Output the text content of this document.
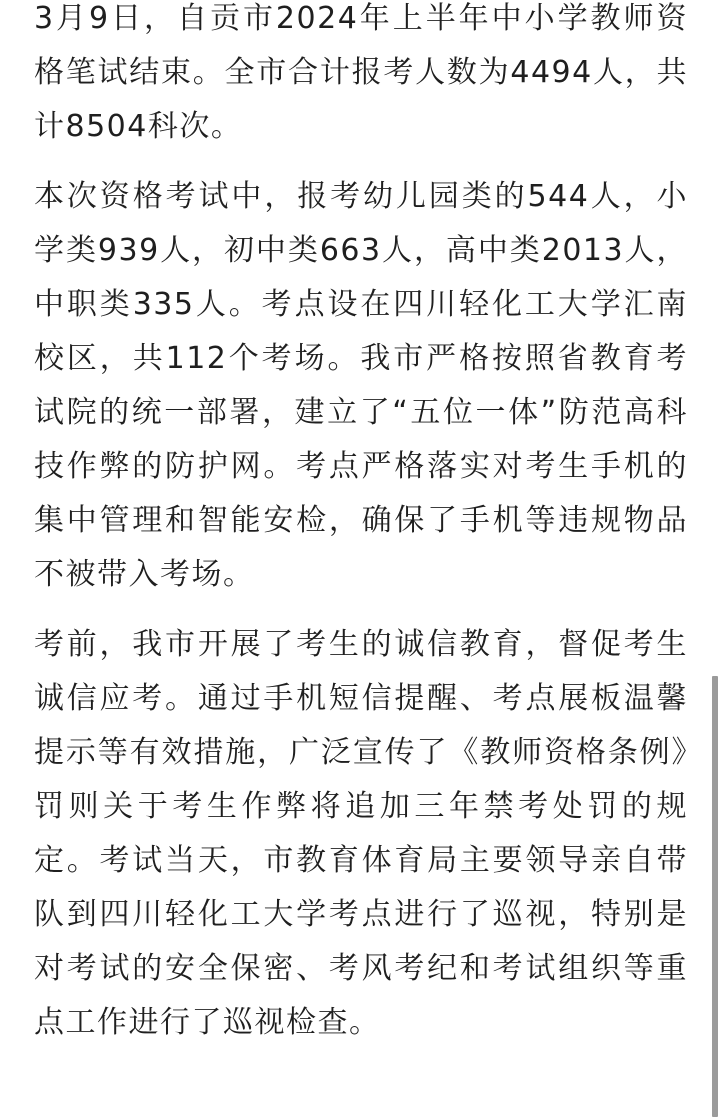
3月9日，自贡市2024年上半年中小学教师资格笔试结束。全市合计报考人数为4494人，共计8504科次。

本次资格考试中，报考幼儿园类的544人，小学类939人，初中类663人，高中类2013人，中职类335人。考点设在四川轻化工大学汇南校区，共112个考场。我市严格按照省教育考试院的统一部署，建立了“五位一体”防范高科技作弊的防护网。考点严格落实对考生手机的集中管理和智能安检，确保了手机等违规物品不被带入考场。

考前，我市开展了考生的诚信教育，督促考生诚信应考。通过手机短信提醒、考点展板温馨提示等有效措施，广泛宣传了《教师资格条例》罚则关于考生作弊将追加三年禁考处罚的规定。考试当天，市教育体育局主要领导亲自带队到四川轻化工大学考点进行了巡视，特别是对考试的安全保密、考风考纪和考试组织等重点工作进行了巡视检查。
